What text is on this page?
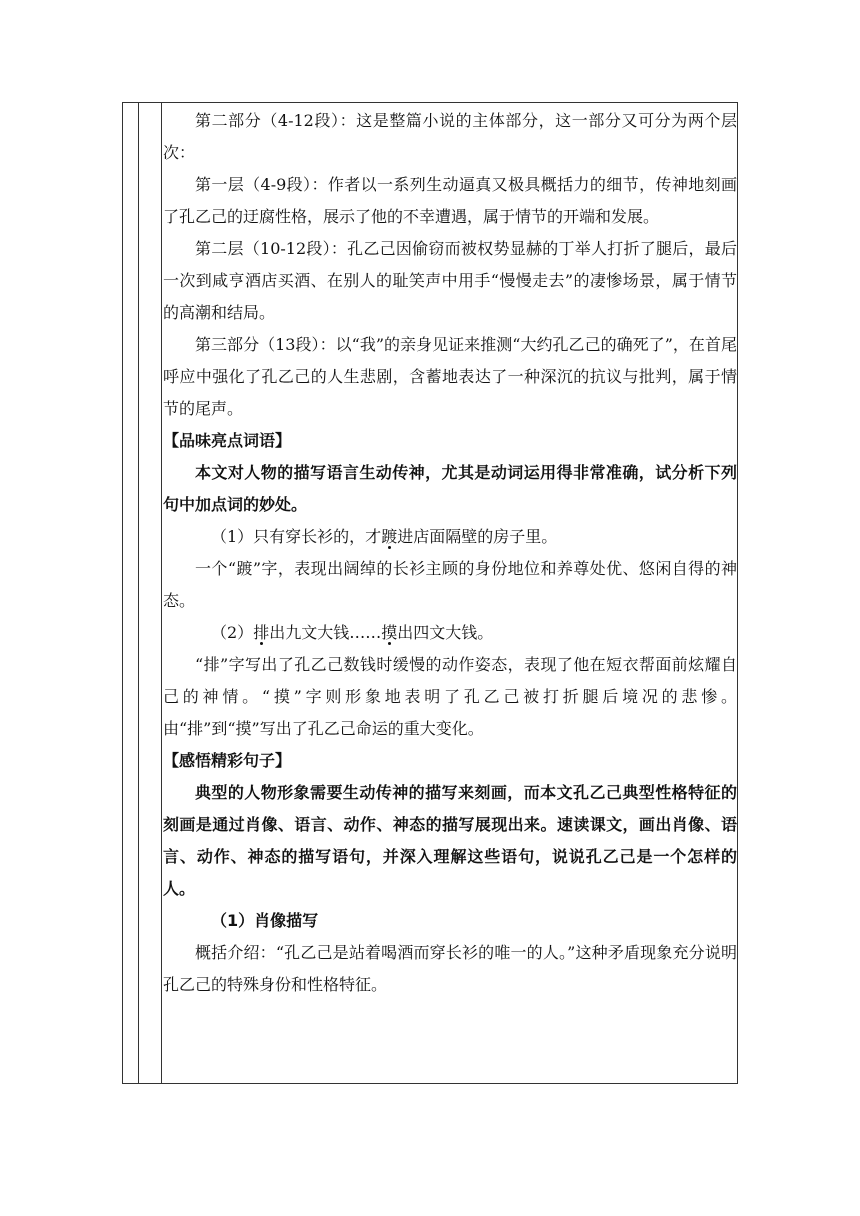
第二部分（4-12段）：这是整篇小说的主体部分，这一部分又可分为两个层次：

第一层（4-9段）：作者以一系列生动逼真又极具概括力的细节，传神地刻画了孔乙己的迂腐性格，展示了他的不幸遭遇，属于情节的开端和发展。

第二层（10-12段）：孔乙己因偷窃而被权势显赫的丁举人打折了腿后，最后一次到咸亨酒店买酒、在别人的耻笑声中用手“慢慢走去”的凄惨场景，属于情节的高潮和结局。

第三部分（13段）：以“我”的亲身见证来推测“大约孔乙己的确死了”，在首尾呼应中强化了孔乙己的人生悲剧，含蓄地表达了一种深沉的抗议与批判，属于情节的尾声。

【品味亮点词语】

本文对人物的描写语言生动传神，尤其是动词运用得非常准确，试分析下列句中加点词的妙处。

（1）只有穿长衫的，才踱进店面隔壁的房子里。

一个“踱”字，表现出阔绰的长衫主顾的身份地位和养尊处优、悠闲自得的神态。

（2）排出九文大钱……摸出四文大钱。

“排”字写出了孔乙己数钱时缓慢的动作姿态，表现了他在短衣帮面前炫耀自己的神情。“摸”字则形象地表明了孔乙己被打折腿后境况的悲惨。由“排”到“摸”写出了孔乙己命运的重大变化。

【感悟精彩句子】

典型的人物形象需要生动传神的描写来刻画，而本文孔乙己典型性格特征的刻画是通过肖像、语言、动作、神态的描写展现出来。速读课文，画出肖像、语言、动作、神态的描写语句，并深入理解这些语句，说说孔乙己是一个怎样的人。

（1）肖像描写

概括介绍：“孔乙己是站着喝酒而穿长衫的唯一的人。”这种矛盾现象充分说明孔乙己的特殊身份和性格特征。
